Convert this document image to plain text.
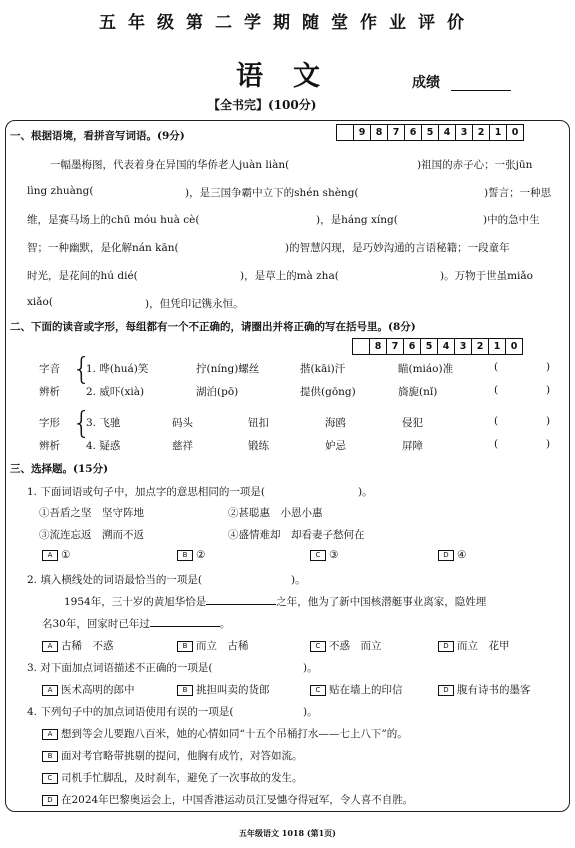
五年级第二学期随堂作业评价
语文	成绩
【全书完】(100分)
一、根据语境，看拼音写词语。(9分)	9	8	7	6	5	4	3	2	1	0
一幅墨梅图，代表着身在异国的华侨老人juàn liàn(	)祖国的赤子心；一张jūn
lìng zhuàng(	)，是三国争霸中立下的shén shèng(	)誓言；一种思
维，是赛马场上的chū móu huà cè(	)，是háng xíng(	)中的急中生
智；一种幽默，是化解nán kān(	)的智慧闪现，是巧妙沟通的言语秘籍；一段童年
时光，是花间的hú dié(	)，是草上的mà zha(	)。万物于世虽miǎo
xiǎo(	)，但凭印记镌永恒。
二、下面的读音或字形，每组都有一个不正确的，请圈出并将正确的写在括号里。(8分)
8	7	6	5	4	3	2	1	0
字音
辨析
{
1. 哗(huá)笑	拧(níng)螺丝	揩(kāi)汗	瞄(miáo)准	(	)
2. 威吓(xià)	湖泊(pō)	提供(gōng)	旖旎(nǐ)	(	)
字形
辨析
{
3. 飞驰	码头	钮扣	海鸥	侵犯	(	)
4. 疑惑	慈祥	锻练	妒忌	屏障	(	)
三、选择题。(15分)
1. 下面词语或句子中，加点字的意思相同的一项是(	)。
①吾盾之坚　坚守阵地	②甚聪惠　小恩小惠
③流连忘返　溯而不返	④盛情难却　却看妻子愁何在
A ①	B ②	C ③	D ④
2. 填入横线处的词语最恰当的一项是(	)。
1954年，三十岁的黄旭华恰是	之年，他为了新中国核潜艇事业离家，隐姓埋
名30年，回家时已年过	。
A 古稀　不惑	B 而立　古稀	C 不惑　而立	D 而立　花甲
3. 对下面加点词语描述不正确的一项是(	)。
A 医术高明的郎中	B 挑担叫卖的货郎	C 贴在墙上的印信	D 腹有诗书的墨客
4. 下列句子中的加点词语使用有误的一项是(	)。
A 想到等会儿要跑八百米，她的心情如同“十五个吊桶打水——七上八下”的。
B 面对考官略带挑剔的提问，他胸有成竹，对答如流。
C 司机手忙脚乱，及时刹车，避免了一次事故的发生。
D 在2024年巴黎奥运会上，中国香港运动员江旻憓夺得冠军，令人喜不自胜。
五年级语文 1018 (第1页)
